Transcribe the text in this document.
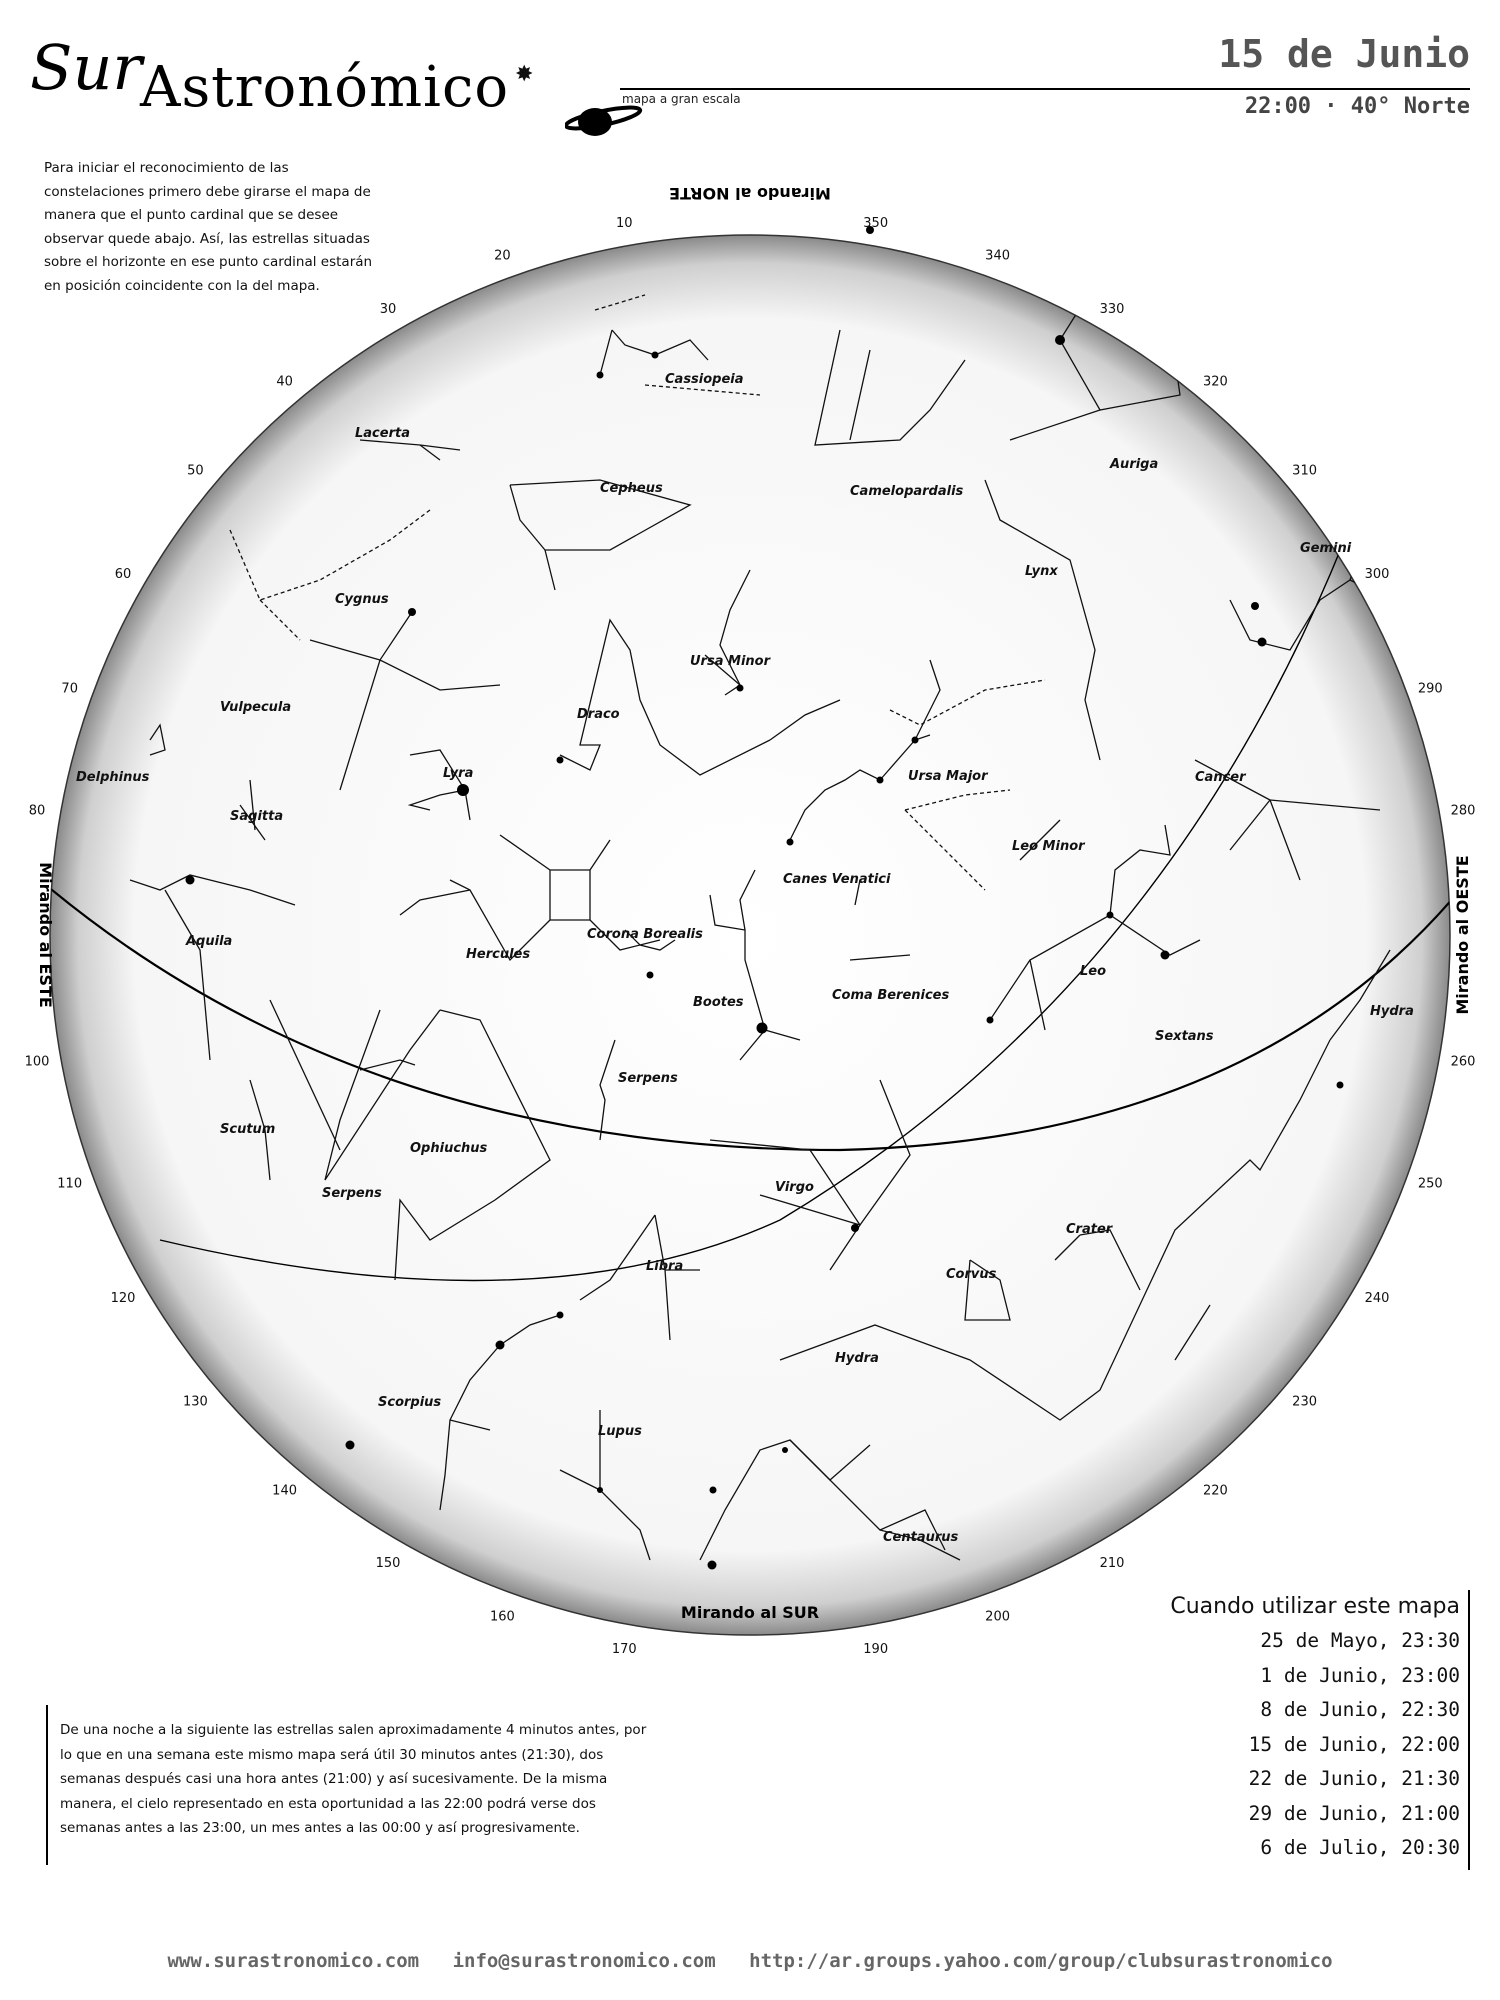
Sur
Astronómico ✸
mapa a gran escala
15 de Junio
22:00 · 40° Norte
Para iniciar el reconocimiento de las constelaciones primero debe girarse el mapa de manera que el punto cardinal que se desee observar quede abajo. Así, las estrellas situadas sobre el horizonte en ese punto cardinal estarán en posición coincidente con la del mapa.
10
20
30
40
50
60
70
80
100
110
120
130
140
150
160
170	190
200
210
220
230
240
250
260
280
290
300
310
320
330
340
350
Mirando al NORTE
Mirando al SUR
Mirando al ESTE	Mirando al OESTE
Cassiopeia
Lacerta
Cepheus	Camelopardalis
Auriga
Cygnus
Lynx
Gemini
Ursa Minor
Vulpecula	Draco
Delphinus	Lyra	Ursa Major	Cancer
Sagitta
Leo Minor
Canes Venatici
Aquila
Hercules
Corona Borealis
Leo
Bootes	Coma Berenices
Hydra
Sextans
Serpens
Scutum
Ophiuchus
Serpens	Virgo
Crater
Libra
Corvus
Hydra
Scorpius
Lupus
Centaurus
Cuando utilizar este mapa
25 de Mayo, 23:30
1 de Junio, 23:00
8 de Junio, 22:30
15 de Junio, 22:00
22 de Junio, 21:30
29 de Junio, 21:00
6 de Julio, 20:30
De una noche a la siguiente las estrellas salen aproximadamente 4 minutos antes, por lo que en una semana este mismo mapa será útil 30 minutos antes (21:30), dos semanas después casi una hora antes (21:00) y así sucesivamente. De la misma manera, el cielo representado en esta oportunidad a las 22:00 podrá verse dos semanas antes a las 23:00, un mes antes a las 00:00 y así progresivamente.
www.surastronomico.com info@surastronomico.com http://ar.groups.yahoo.com/group/clubsurastronomico
